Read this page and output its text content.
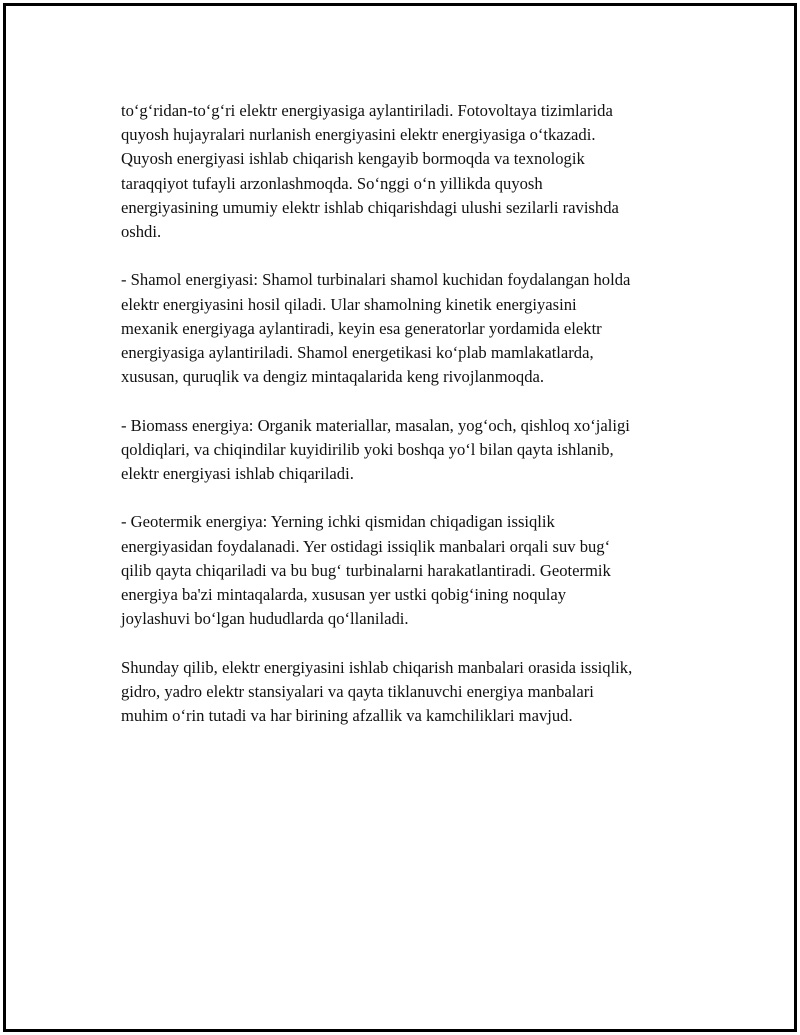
to‘g‘ridan-to‘g‘ri elektr energiyasiga aylantiriladi. Fotovoltaya tizimlarida
quyosh hujayralari nurlanish energiyasini elektr energiyasiga o‘tkazadi.
Quyosh energiyasi ishlab chiqarish kengayib bormoqda va texnologik
taraqqiyot tufayli arzonlashmoqda. So‘nggi o‘n yillikda quyosh
energiyasining umumiy elektr ishlab chiqarishdagi ulushi sezilarli ravishda
oshdi.

- Shamol energiyasi: Shamol turbinalari shamol kuchidan foydalangan holda
elektr energiyasini hosil qiladi. Ular shamolning kinetik energiyasini
mexanik energiyaga aylantiradi, keyin esa generatorlar yordamida elektr
energiyasiga aylantiriladi. Shamol energetikasi ko‘plab mamlakatlarda,
xususan, quruqlik va dengiz mintaqalarida keng rivojlanmoqda.

- Biomass energiya: Organik materiallar, masalan, yog‘och, qishloq xo‘jaligi
qoldiqlari, va chiqindilar kuyidirilib yoki boshqa yo‘l bilan qayta ishlanib,
elektr energiyasi ishlab chiqariladi.

- Geotermik energiya: Yerning ichki qismidan chiqadigan issiqlik
energiyasidan foydalanadi. Yer ostidagi issiqlik manbalari orqali suv bug‘
qilib qayta chiqariladi va bu bug‘ turbinalarni harakatlantiradi. Geotermik
energiya ba'zi mintaqalarda, xususan yer ustki qobig‘ining noqulay
joylashuvi bo‘lgan hududlarda qo‘llaniladi.

Shunday qilib, elektr energiyasini ishlab chiqarish manbalari orasida issiqlik,
gidro, yadro elektr stansiyalari va qayta tiklanuvchi energiya manbalari
muhim o‘rin tutadi va har birining afzallik va kamchiliklari mavjud.
